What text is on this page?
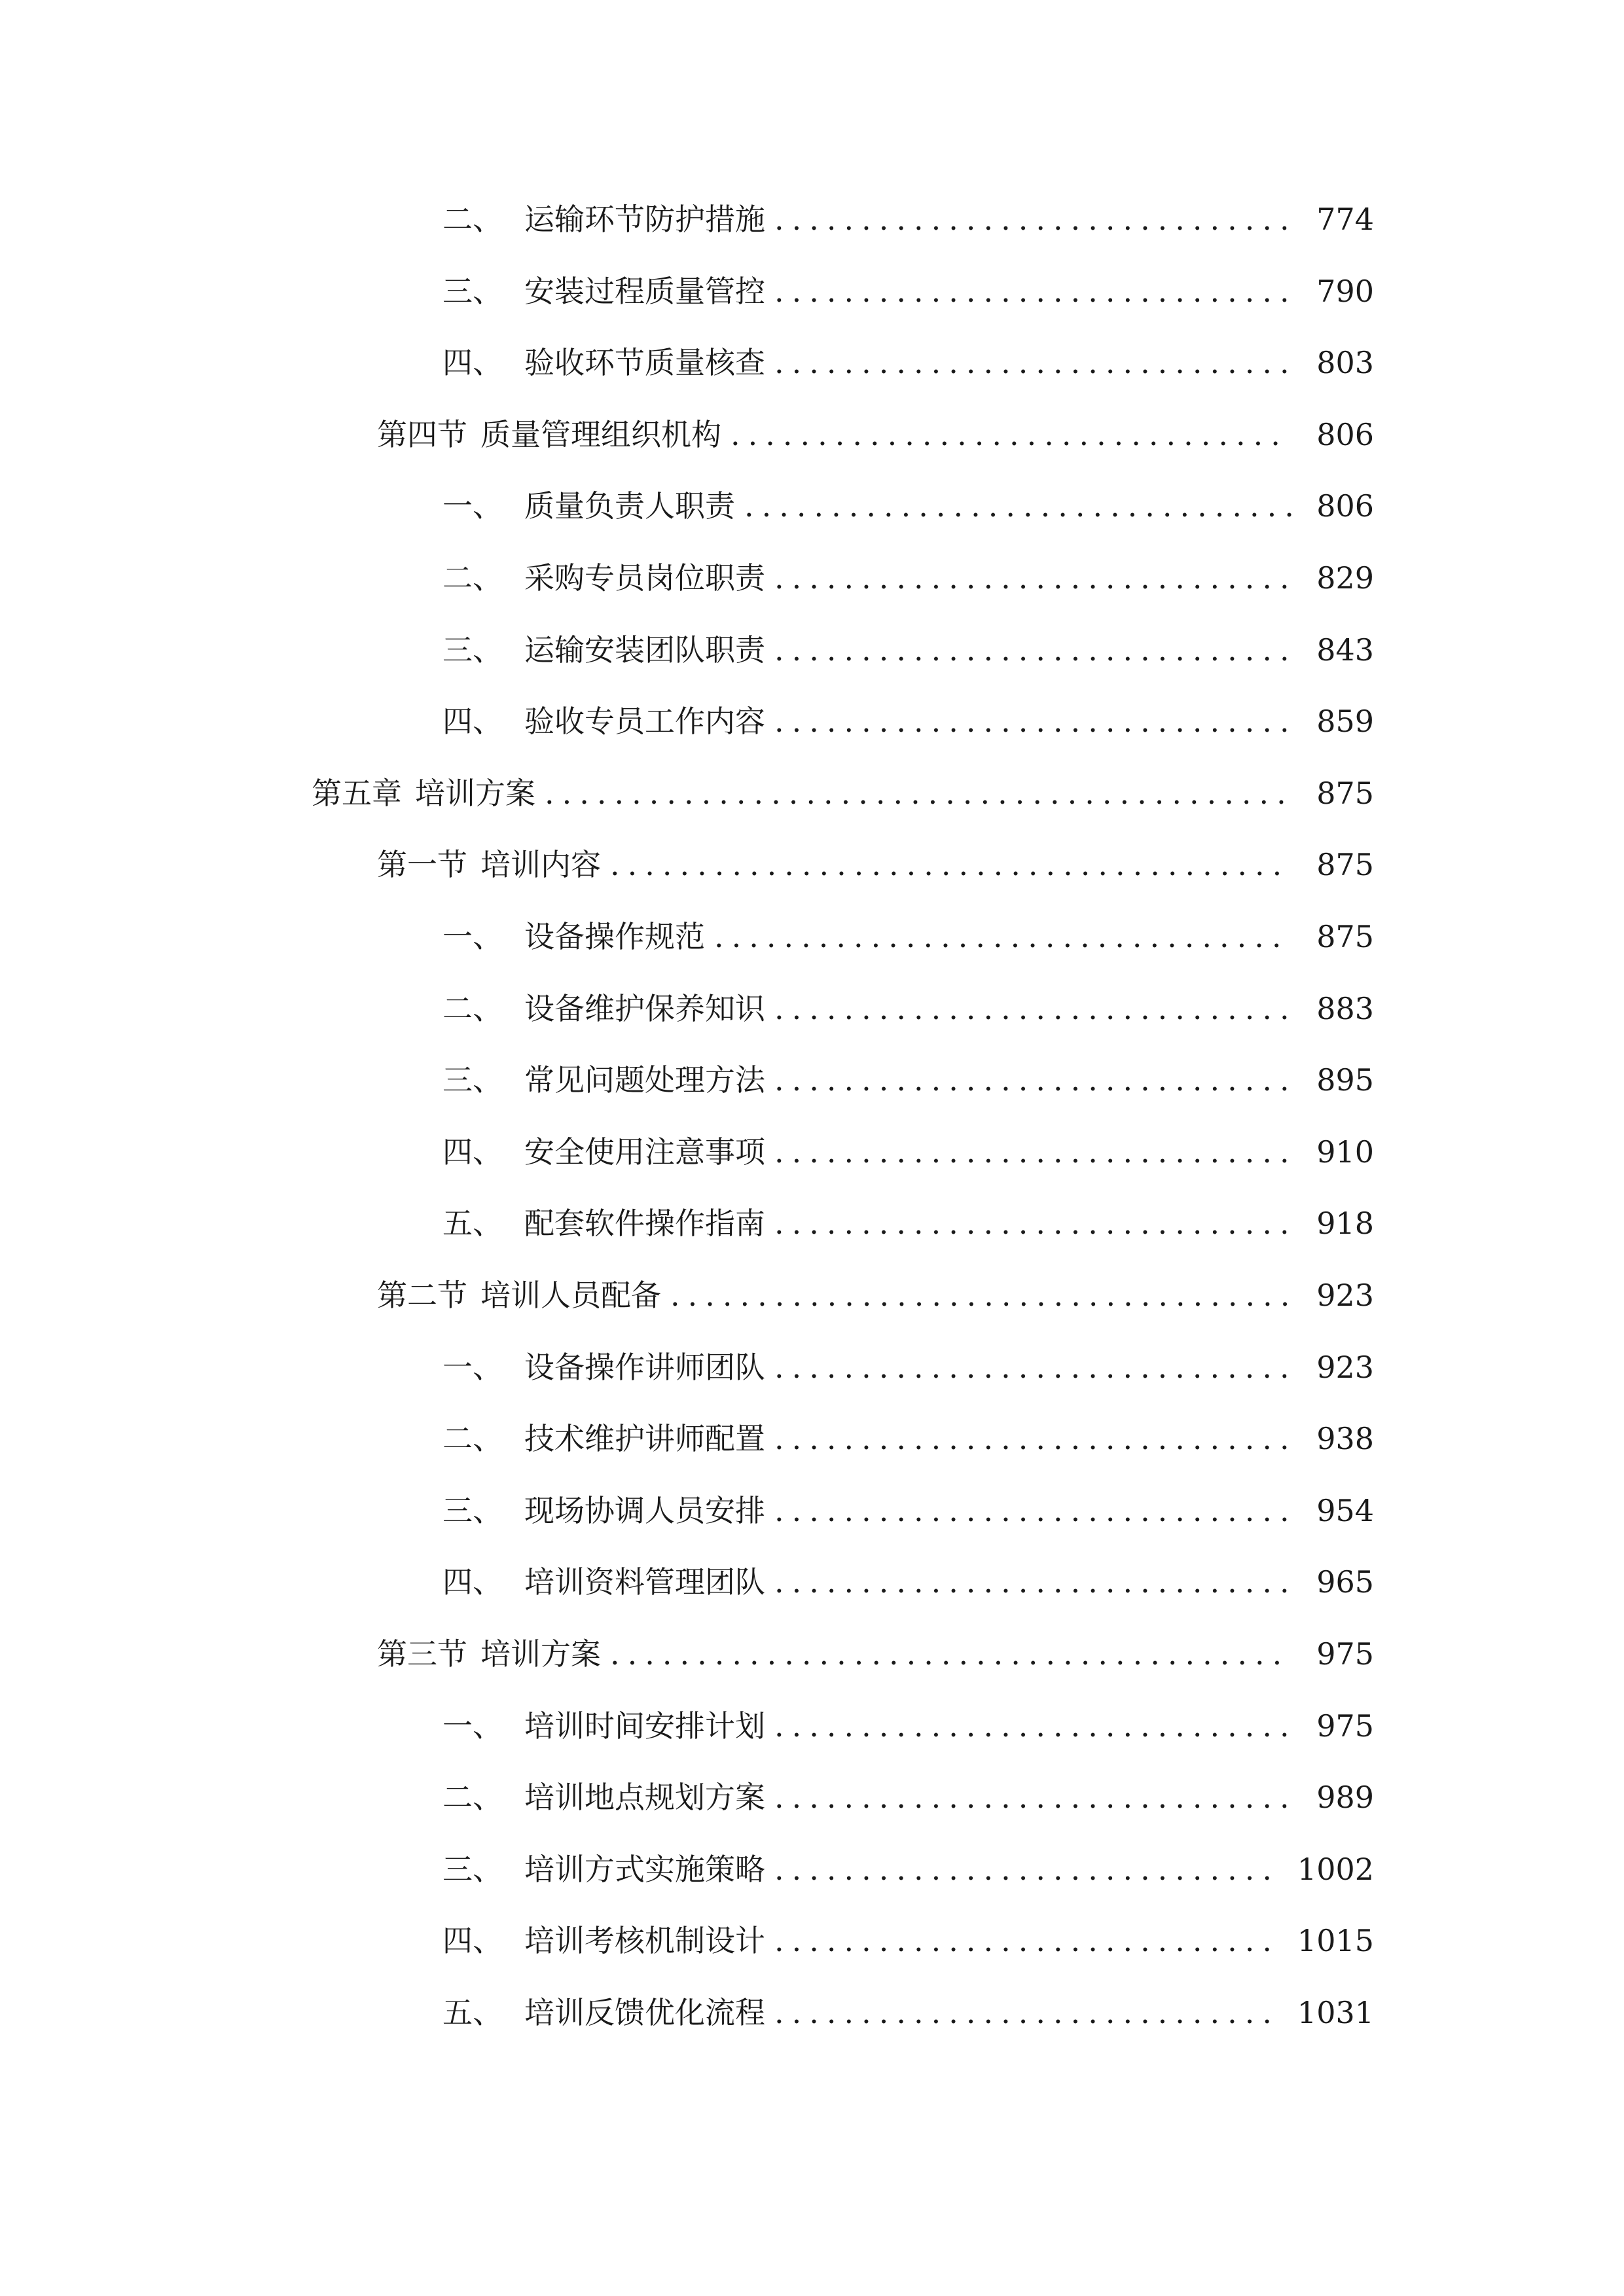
二、 运输环节防护措施 .............................. 774
三、 安装过程质量管控 .............................. 790
四、 验收环节质量核查 .............................. 803
第四节 质量管理组织机构 ................................ 806
一、 质量负责人职责 ................................ 806
二、 采购专员岗位职责 .............................. 829
三、 运输安装团队职责 .............................. 843
四、 验收专员工作内容 .............................. 859
第五章 培训方案 ........................................... 875
第一节 培训内容 ....................................... 875
一、 设备操作规范 ................................. 875
二、 设备维护保养知识 .............................. 883
三、 常见问题处理方法 .............................. 895
四、 安全使用注意事项 .............................. 910
五、 配套软件操作指南 .............................. 918
第二节 培训人员配备 .................................... 923
一、 设备操作讲师团队 .............................. 923
二、 技术维护讲师配置 .............................. 938
三、 现场协调人员安排 .............................. 954
四、 培训资料管理团队 .............................. 965
第三节 培训方案 ....................................... 975
一、 培训时间安排计划 .............................. 975
二、 培训地点规划方案 .............................. 989
三、 培训方式实施策略 ............................. 1002
四、 培训考核机制设计 ............................. 1015
五、 培训反馈优化流程 ............................. 1031
